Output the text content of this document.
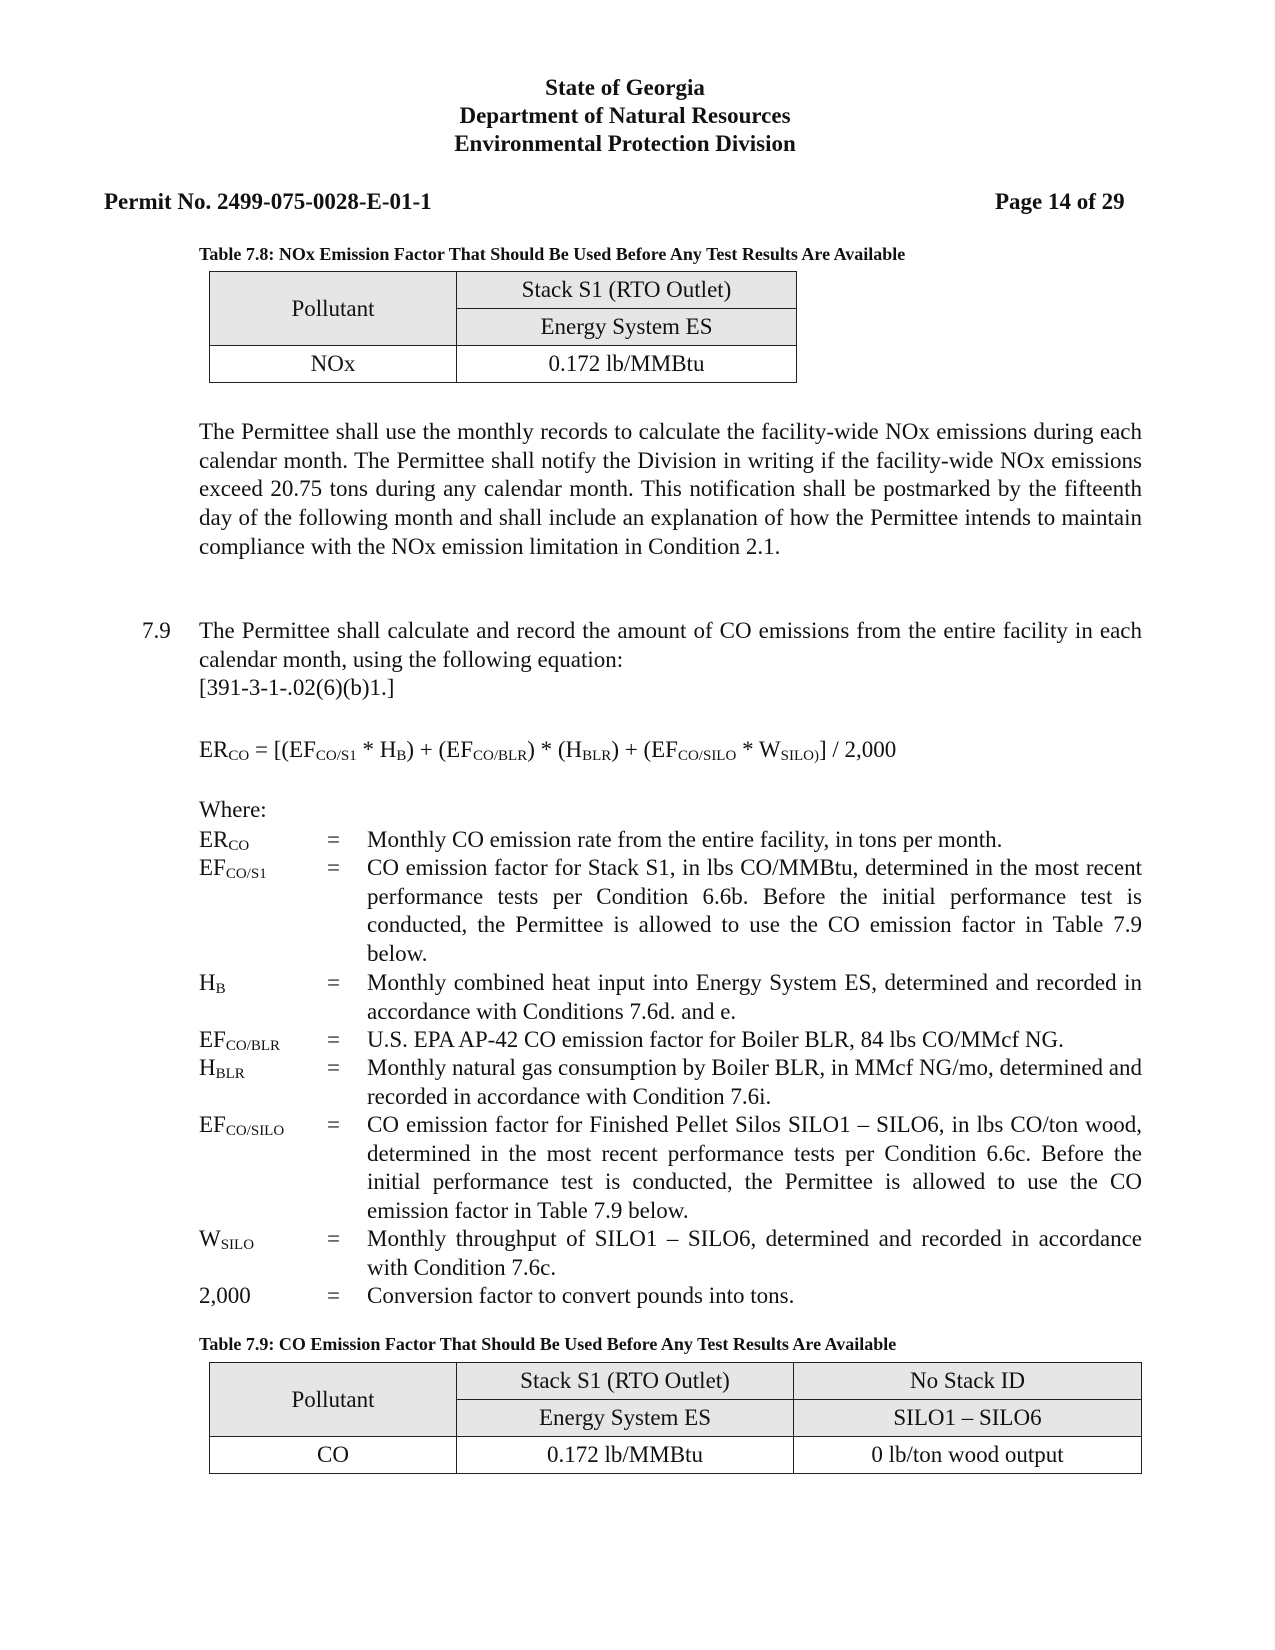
State of Georgia
Department of Natural Resources
Environmental Protection Division
Permit No. 2499-075-0028-E-01-1	Page 14 of 29
Table 7.8: NOx Emission Factor That Should Be Used Before Any Test Results Are Available
Pollutant	Stack S1 (RTO Outlet)
	Energy System ES
NOx	0.172 lb/MMBtu
The Permittee shall use the monthly records to calculate the facility-wide NOx emissions during each calendar month. The Permittee shall notify the Division in writing if the facility-wide NOx emissions exceed 20.75 tons during any calendar month. This notification shall be postmarked by the fifteenth day of the following month and shall include an explanation of how the Permittee intends to maintain compliance with the NOx emission limitation in Condition 2.1.
7.9 The Permittee shall calculate and record the amount of CO emissions from the entire facility in each calendar month, using the following equation:
[391-3-1-.02(6)(b)1.]
$ER_{CO} = [(EF_{CO/S1} * H_B) + (EF_{CO/BLR}) * (H_{BLR}) + (EF_{CO/SILO} * W_{SILO)}] / 2,000$
Where:
$ER_{CO}$	= Monthly CO emission rate from the entire facility, in tons per month.
$EF_{CO/S1}$	= CO emission factor for Stack S1, in lbs CO/MMBtu, determined in the most recent performance tests per Condition 6.6b. Before the initial performance test is conducted, the Permittee is allowed to use the CO emission factor in Table 7.9 below.
$H_B$	= Monthly combined heat input into Energy System ES, determined and recorded in accordance with Conditions 7.6d. and e.
$EF_{CO/BLR} = U.S$. EPA AP-42 CO emission factor for Boiler BLR, 84 lbs CO/MMcf NG.
$H_{BLR}$	= Monthly natural gas consumption by Boiler BLR, in MMcf NG/mo, determined and recorded in accordance with Condition 7.6i.
$EF_{CO/SILO}$ = CO emission factor for Finished Pellet Silos SILO1 – SILO6, in lbs CO/ton wood, determined in the most recent performance tests per Condition 6.6c. Before the initial performance test is conducted, the Permittee is allowed to use the CO emission factor in Table 7.9 below.
$W_{SILO}$	= Monthly throughput of SILO1 – SILO6, determined and recorded in accordance with Condition 7.6c.
2,000	= Conversion factor to convert pounds into tons.
Table 7.9: CO Emission Factor That Should Be Used Before Any Test Results Are Available
Pollutant	Stack S1 (RTO Outlet)	No Stack ID
	Energy System ES	SILO1 – SILO6
CO	0.172 lb/MMBtu	0 lb/ton wood output
